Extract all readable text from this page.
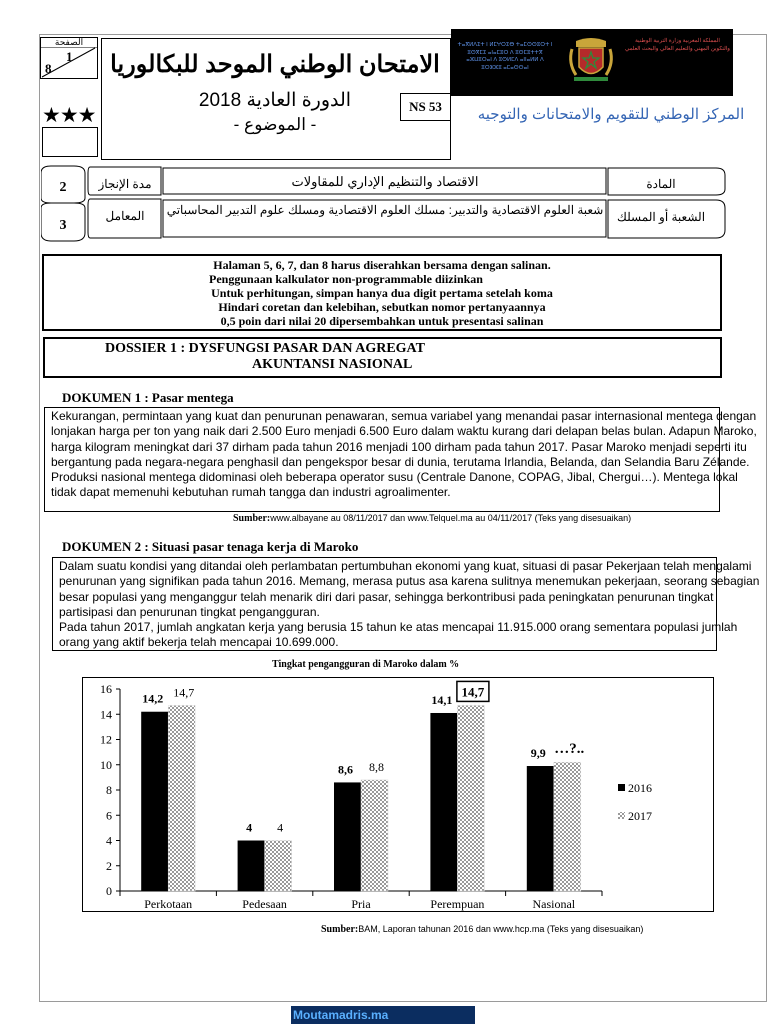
الصفحة
1
8
★★★
الامتحان الوطني الموحد للبكالوريا
الدورة العادية 2018
- الموضوع -
NS 53
ⵜⴰⴳⵍⴷⵉⵜ ⵏ ⵍⵎⵖⵔⵉⴱ ⵜⴰⵎⵙⵙⵓⵔⵜ ⵏ ⵓⵙⴳⵎⵉ ⴰⵏⴰⵎⵓⵔ ⴷ ⵓⵙⵎⵓⵜⵜⴳ ⴰⵣⵡⵓⵔⴰⵏ ⴷ ⵓⵙⵍⵎⴷ ⴰⵏⵏⴰⵍⵍ ⴷ ⵓⵔⵣⵣⵓ ⴰⵎⴰⵙⵙⴰⵏ
المملكة المغربية وزارة التربية الوطنية والتكوين المهني والتعليم العالي والبحث العلمي
المركز الوطني للتقويم والامتحانات والتوجيه
2
3
مدة الإنجاز
المعامل
الاقتصاد والتنظيم الإداري للمقاولات
شعبة العلوم الاقتصادية والتدبير: مسلك العلوم الاقتصادية ومسلك علوم التدبير المحاسباتي
المادة
الشعبة أو المسلك
Halaman 5, 6, 7, dan 8 harus diserahkan bersama dengan salinan.
Penggunaan kalkulator non-programmable diizinkan
Untuk perhitungan, simpan hanya dua digit pertama setelah koma
Hindari coretan dan kelebihan, sebutkan nomor pertanyaannya
0,5 poin dari nilai 20 dipersembahkan untuk presentasi salinan
DOSSIER 1 : DYSFUNGSI PASAR DAN AGREGAT
AKUNTANSI NASIONAL
DOKUMEN 1 : Pasar mentega
Kekurangan, permintaan yang kuat dan penurunan penawaran, semua variabel yang menandai pasar internasional mentega dengan lonjakan harga per ton yang naik dari 2.500 Euro menjadi 6.500 Euro dalam waktu kurang dari delapan belas bulan. Adapun Maroko, harga kilogram meningkat dari 37 dirham pada tahun 2016 menjadi 100 dirham pada tahun 2017. Pasar Maroko menjadi seperti itu bergantung pada negara-negara penghasil dan pengekspor besar di dunia, terutama Irlandia, Belanda, dan Selandia Baru Zélande.
Produksi nasional mentega didominasi oleh beberapa operator susu (Centrale Danone, COPAG, Jibal, Chergui…). Mentega lokal tidak dapat memenuhi kebutuhan rumah tangga dan industri agroalimenter.
Sumber:www.albayane au 08/11/2017 dan www.Telquel.ma au 04/11/2017 (Teks yang disesuaikan)
DOKUMEN 2 : Situasi pasar tenaga kerja di Maroko
Dalam suatu kondisi yang ditandai oleh perlambatan pertumbuhan ekonomi yang kuat, situasi di pasar Pekerjaan telah mengalami penurunan yang signifikan pada tahun 2016. Memang, merasa putus asa karena sulitnya menemukan pekerjaan, seorang sebagian besar populasi yang menganggur telah menarik diri dari pasar, sehingga berkontribusi pada peningkatan penurunan tingkat partisipasi dan penurunan tingkat pengangguran.
Pada tahun 2017, jumlah angkatan kerja yang berusia 15 tahun ke atas mencapai 11.915.000 orang sementara populasi jumlah orang yang aktif bekerja telah mencapai 10.699.000.
Tingkat pengangguran di Maroko dalam %
0
2
4
6
8
10
12
14
16
Perkotaan	Pedesaan	Pria	Perempuan	Nasional
14,2
4
8,6
14,1
9,9
14,7
4
8,8
14,7
…?..
2016
2017
Sumber:BAM, Laporan tahunan 2016 dan www.hcp.ma (Teks yang disesuaikan)
Moutamadris.ma
